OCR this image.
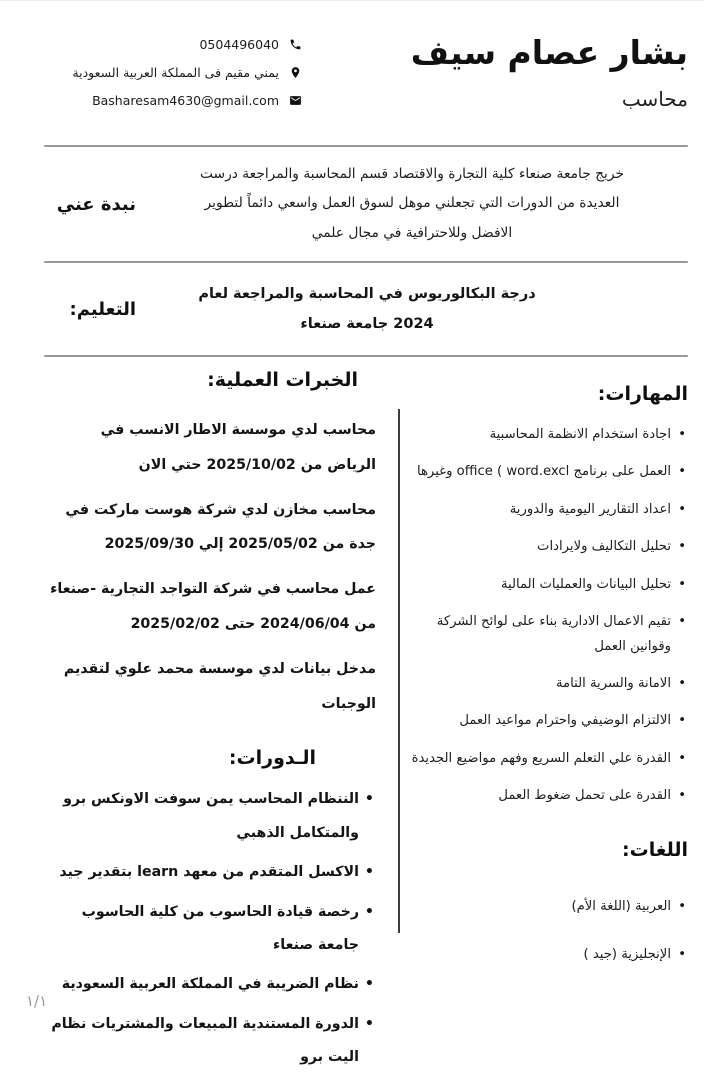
بشار عصام سيف
محاسب
0504496040
يمني مقيم فى المملكة العربية السعودية
Basharesam4630@gmail.com
خريج جامعة صنعاء كلية التجارة والاقتصاد قسم المحاسبة والمراجعة درست العديدة من الدورات التي تجعلني موهل لسوق العمل واسعي دائماً لتطوير الافضل وللاحترافية في مجال علمي
نبدة عني
درجة البكالوريوس في المحاسبة والمراجعة لعام 2024 جامعة صنعاء
التعليم:
المهارات:
• اجادة استخدام الانظمة المحاسبية
• العمل على برنامج office ( word.excl وغيرها
• اعداد التقارير اليومية والدورية
• تحليل التكاليف ولايرادات
• تحليل البيانات والعمليات المالية
• تقيم الاعمال الادارية بناء على لوائح الشركة وقوانين العمل
• الامانة والسرية التامة
• الالتزام الوضيفي واحترام مواعيد العمل
• القدرة علي التعلم السريع وفهم مواضيع الجديدة
• القدرة على تحمل ضغوط العمل
اللغات:
• العربية (اللغة الأم)
• الإنجليزية (جيد )
الخبرات العملية:
محاسب لدي موسسة الاطار الانسب في الرياض من 2025/10/02 حتي الان
محاسب مخازن لدي شركة هوست ماركت في جدة من 2025/05/02 إلي 2025/09/30
عمل محاسب في شركة التواجد التجارية -صنعاء من 2024/06/04 حتى 2025/02/02
مدخل بيانات لدي موسسة محمد علوي لتقديم الوجبات
الـدورات:
• الننظام المحاسب يمن سوفت الاونكس برو والمتكامل الذهبي
• الاكسل المتقدم من معهد learn بتقدير جيد
• رخصة قيادة الحاسوب من كلية الحاسوب جامعة صنعاء
• نظام الضريبة في المملكة العربية السعودية
• الدورة المستندية المبيعات والمشتريات نظام اليت برو
١/١
